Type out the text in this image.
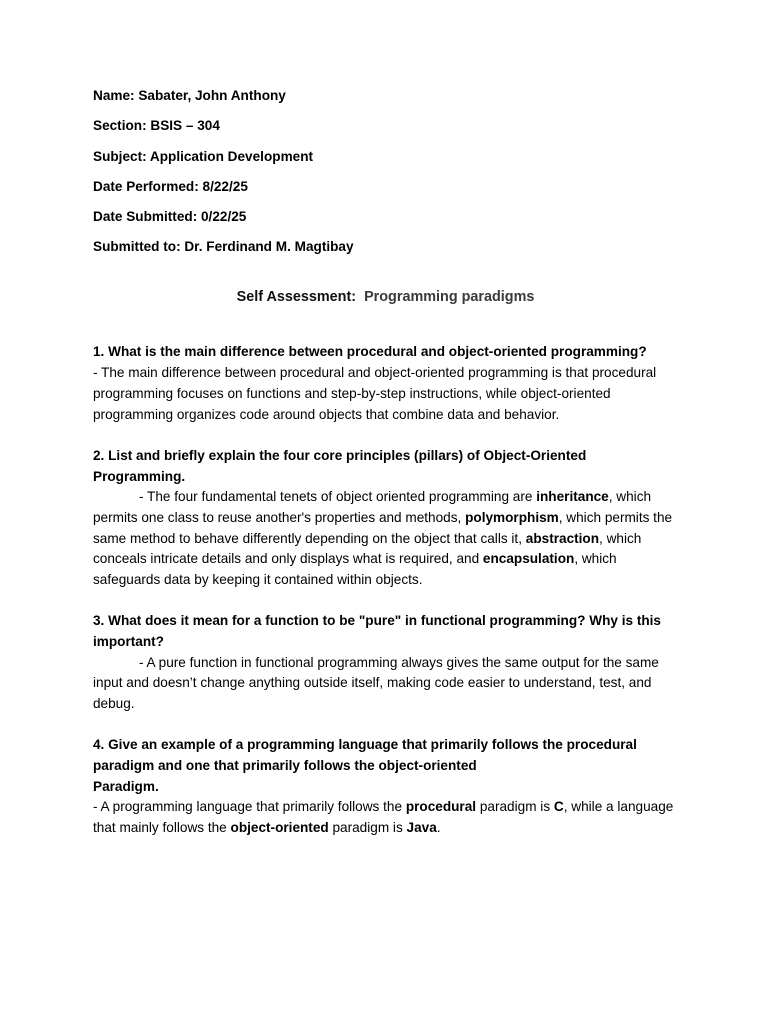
Name: Sabater, John Anthony
Section: BSIS – 304
Subject: Application Development
Date Performed: 8/22/25
Date Submitted: 0/22/25
Submitted to: Dr. Ferdinand M. Magtibay
Self Assessment: Programming paradigms
1. What is the main difference between procedural and object-oriented programming?
- The main difference between procedural and object-oriented programming is that procedural programming focuses on functions and step-by-step instructions, while object-oriented programming organizes code around objects that combine data and behavior.
2. List and briefly explain the four core principles (pillars) of Object-Oriented Programming.
- The four fundamental tenets of object oriented programming are inheritance, which permits one class to reuse another's properties and methods, polymorphism, which permits the same method to behave differently depending on the object that calls it, abstraction, which conceals intricate details and only displays what is required, and encapsulation, which safeguards data by keeping it contained within objects.
3. What does it mean for a function to be "pure" in functional programming? Why is this important?
- A pure function in functional programming always gives the same output for the same input and doesn’t change anything outside itself, making code easier to understand, test, and debug.
4. Give an example of a programming language that primarily follows the procedural paradigm and one that primarily follows the object-oriented
Paradigm.
- A programming language that primarily follows the procedural paradigm is C, while a language that mainly follows the object-oriented paradigm is Java.
